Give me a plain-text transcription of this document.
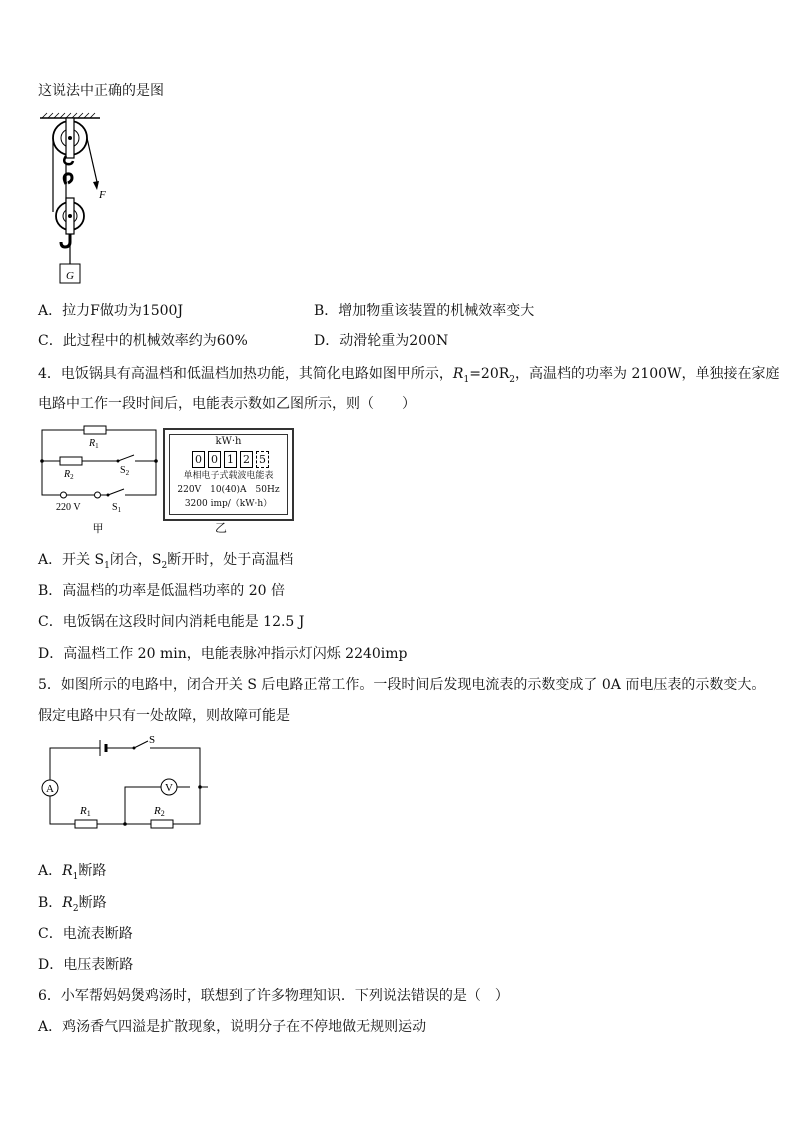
这说法中正确的是图
G
F
A．拉力F做功为1500J	B．增加物重该装置的机械效率变大
C．此过程中的机械效率约为60%	D．动滑轮重为200N
4．电饭锅具有高温档和低温档加热功能，其简化电路如图甲所示，$R_1=20R_2$，高温档的功率为 2100W，单独接在家庭
电路中工作一段时间后，电能表示数如乙图所示，则（　　）
$R_1$
$R_2$
$S_2$
$S_1$
220 V
甲
kW·h
0 0 1 2 5
单相电子式载波电能表
220V　10(40)A　50Hz
3200 imp/（kW·h）
乙
A．开关 $S_1$闭合，$S_2$断开时，处于高温档
B．高温档的功率是低温档功率的 20 倍
C．电饭锅在这段时间内消耗电能是 12.5 J
D．高温档工作 20 min，电能表脉冲指示灯闪烁 2240imp
5．如图所示的电路中，闭合开关 S 后电路正常工作。一段时间后发现电流表的示数变成了 0A 而电压表的示数变大。
假定电路中只有一处故障，则故障可能是
A	V
S
R1	R2
A．$R_1$断路
B．$R_2$断路
C．电流表断路
D．电压表断路
6．小军帮妈妈煲鸡汤时，联想到了许多物理知识．下列说法错误的是（　）
A．鸡汤香气四溢是扩散现象，说明分子在不停地做无规则运动
